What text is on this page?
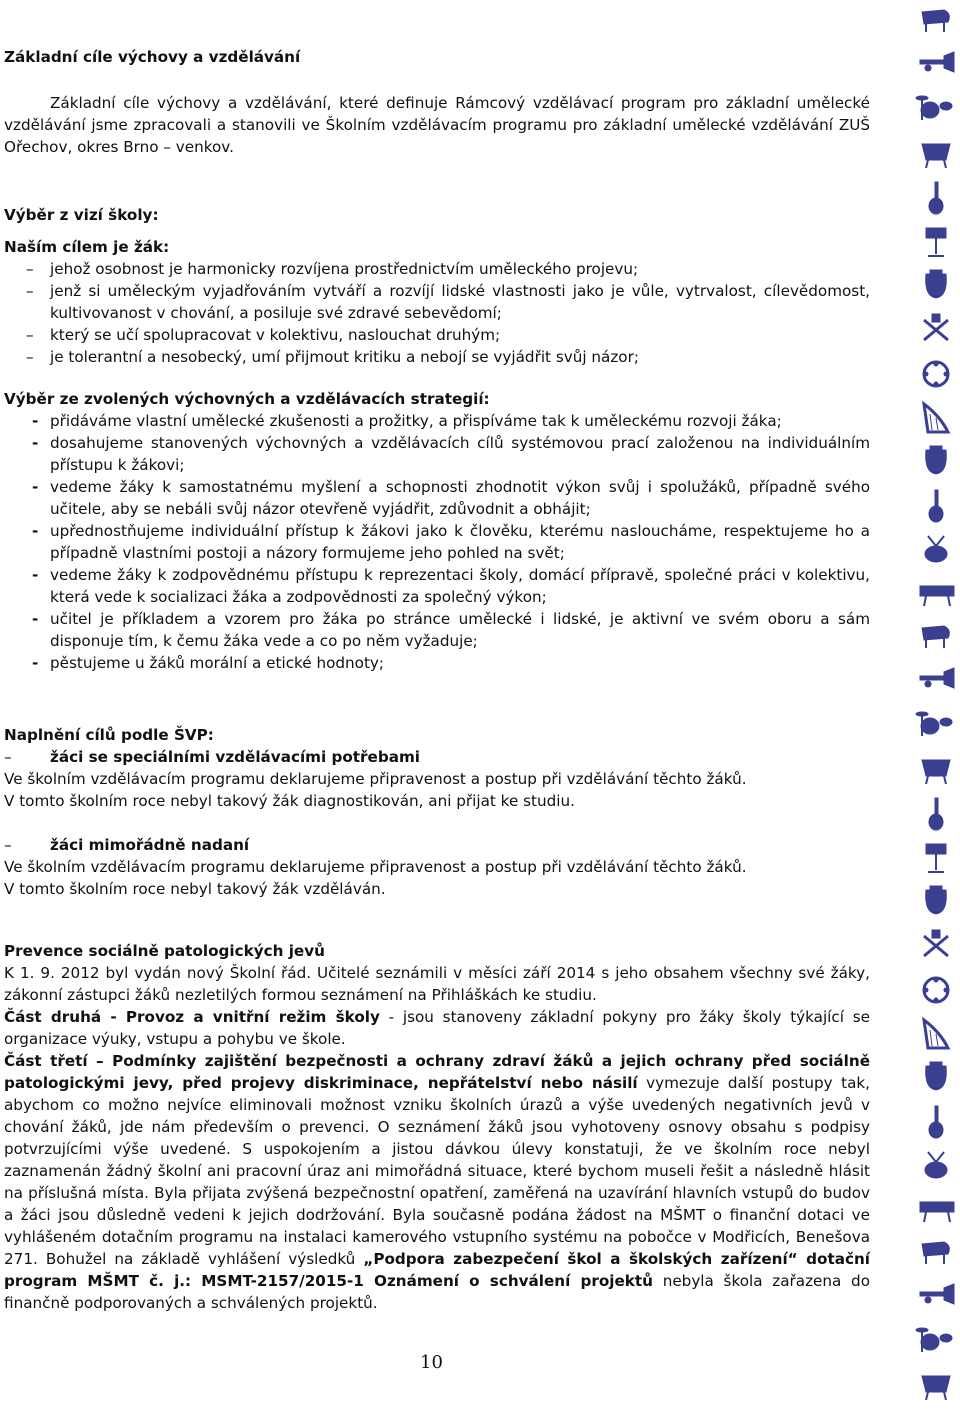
Základní cíle výchovy a vzdělávání
Základní cíle výchovy a vzdělávání, které definuje Rámcový vzdělávací program pro základní umělecké vzdělávání jsme zpracovali a stanovili ve Školním vzdělávacím programu pro základní umělecké vzdělávání ZUŠ Ořechov, okres Brno – venkov.
Výběr z vizí školy:
Naším cílem je žák:
– jehož osobnost je harmonicky rozvíjena prostřednictvím uměleckého projevu;
– jenž si uměleckým vyjadřováním vytváří a rozvíjí lidské vlastnosti jako je vůle, vytrvalost, cílevědomost, kultivovanost v chování, a posiluje své zdravé sebevědomí;
– který se učí spolupracovat v kolektivu, naslouchat druhým;
– je tolerantní a nesobecký, umí přijmout kritiku a nebojí se vyjádřit svůj názor;
Výběr ze zvolených výchovných a vzdělávacích strategií:
- přidáváme vlastní umělecké zkušenosti a prožitky, a přispíváme tak k uměleckému rozvoji žáka;
- dosahujeme stanovených výchovných a vzdělávacích cílů systémovou prací založenou na individuálním přístupu k žákovi;
- vedeme žáky k samostatnému myšlení a schopnosti zhodnotit výkon svůj i spolužáků, případně svého učitele, aby se nebáli svůj názor otevřeně vyjádřit, zdůvodnit a obhájit;
- upřednostňujeme individuální přístup k žákovi jako k člověku, kterému nasloucháme, respektujeme ho a případně vlastními postoji a názory formujeme jeho pohled na svět;
- vedeme žáky k zodpovědnému přístupu k reprezentaci školy, domácí přípravě, společné práci v kolektivu, která vede k socializaci žáka a zodpovědnosti za společný výkon;
- učitel je příkladem a vzorem pro žáka po stránce umělecké i lidské, je aktivní ve svém oboru a sám disponuje tím, k čemu žáka vede a co po něm vyžaduje;
- pěstujeme u žáků morální a etické hodnoty;
Naplnění cílů podle ŠVP:
–	žáci se speciálními vzdělávacími potřebami
Ve školním vzdělávacím programu deklarujeme připravenost a postup při vzdělávání těchto žáků.
V tomto školním roce nebyl takový žák diagnostikován, ani přijat ke studiu.
–	žáci mimořádně nadaní
Ve školním vzdělávacím programu deklarujeme připravenost a postup při vzdělávání těchto žáků.
V tomto školním roce nebyl takový žák vzděláván.
Prevence sociálně patologických jevů
K 1. 9. 2012 byl vydán nový Školní řád. Učitelé seznámili v měsíci září 2014 s jeho obsahem všechny své žáky, zákonní zástupci žáků nezletilých formou seznámení na Přihláškách ke studiu.
Část druhá - Provoz a vnitřní režim školy - jsou stanoveny základní pokyny pro žáky školy týkající se organizace výuky, vstupu a pohybu ve škole.
Část třetí – Podmínky zajištění bezpečnosti a ochrany zdraví žáků a jejich ochrany před sociálně patologickými jevy, před projevy diskriminace, nepřátelství nebo násilí vymezuje další postupy tak, abychom co možno nejvíce eliminovali možnost vzniku školních úrazů a výše uvedených negativních jevů v chování žáků, jde nám především o prevenci. O seznámení žáků jsou vyhotoveny osnovy obsahu s podpisy potvrzujícími výše uvedené. S uspokojením a jistou dávkou úlevy konstatuji, že ve školním roce nebyl zaznamenán žádný školní ani pracovní úraz ani mimořádná situace, které bychom museli řešit a následně hlásit na příslušná místa. Byla přijata zvýšená bezpečnostní opatření, zaměřená na uzavírání hlavních vstupů do budov a žáci jsou důsledně vedeni k jejich dodržování. Byla současně podána žádost na MŠMT o finanční dotaci ve vyhlášeném dotačním programu na instalaci kamerového vstupního systému na pobočce v Modřicích, Benešova 271. Bohužel na základě vyhlášení výsledků „Podpora zabezpečení škol a školských zařízení“ dotační program MŠMT č. j.: MSMT-2157/2015-1 Oznámení o schválení projektů nebyla škola zařazena do finančně podporovaných a schválených projektů.
10
